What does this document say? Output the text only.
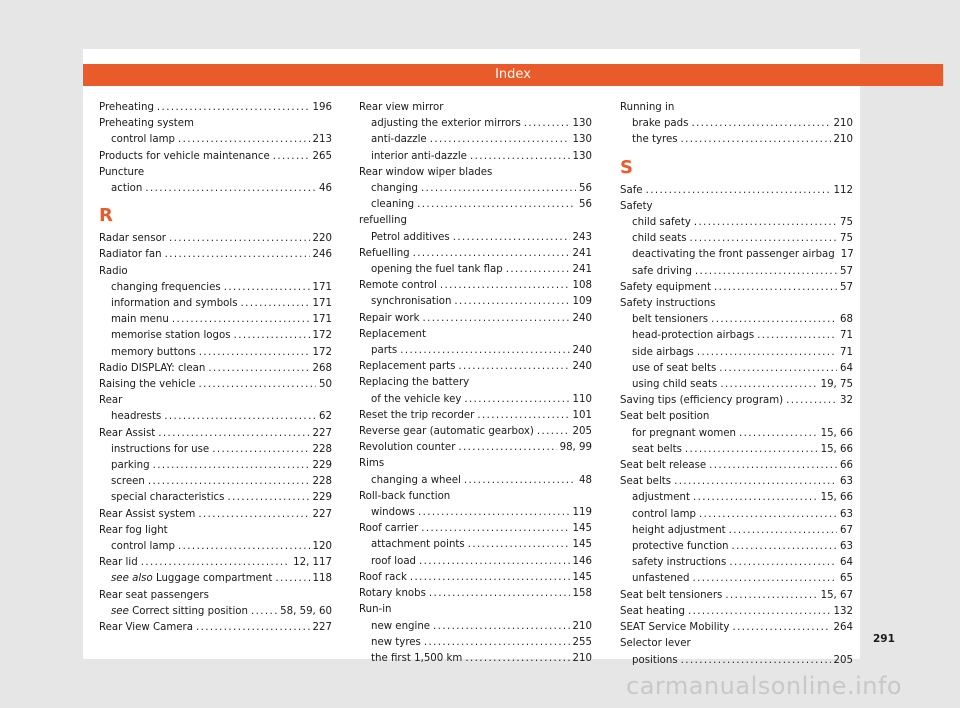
Index
Preheating .....	196
Preheating system
control lamp .....	213
Products for vehicle maintenance .....	265
Puncture
action .....	46
R
Radar sensor .....	220
Radiator fan .....	246
Radio
changing frequencies .....	171
information and symbols .....	171
main menu .....	171
memorise station logos .....	172
memory buttons .....	172
Radio DISPLAY: clean .....	268
Raising the vehicle .....	50
Rear
headrests .....	62
Rear Assist .....	227
instructions for use .....	228
parking .....	229
screen .....	228
special characteristics .....	229
Rear Assist system .....	227
Rear fog light
control lamp .....	120
Rear lid .....	12, 117
see also Luggage compartment .....	118
Rear seat passengers
see Correct sitting position .....	58, 59, 60
Rear View Camera .....	227
Rear view mirror
adjusting the exterior mirrors .....	130
anti-dazzle .....	130
interior anti-dazzle .....	130
Rear window wiper blades
changing .....	56
cleaning .....	56
refuelling
Petrol additives .....	243
Refuelling .....	241
opening the fuel tank flap .....	241
Remote control .....	108
synchronisation .....	109
Repair work .....	240
Replacement
parts .....	240
Replacement parts .....	240
Replacing the battery
of the vehicle key .....	110
Reset the trip recorder .....	101
Reverse gear (automatic gearbox) .....	205
Revolution counter .....	98, 99
Rims
changing a wheel .....	48
Roll-back function
windows .....	119
Roof carrier .....	145
attachment points .....	145
roof load .....	146
Roof rack .....	145
Rotary knobs .....	158
Run-in
new engine .....	210
new tyres .....	255
the first 1,500 km .....	210
Running in
brake pads .....	210
the tyres .....	210
S
Safe .....	112
Safety
child safety .....	75
child seats .....	75
deactivating the front passenger airbag 17
safe driving .....	57
Safety equipment .....	57
Safety instructions
belt tensioners .....	68
head-protection airbags .....	71
side airbags .....	71
use of seat belts .....	64
using child seats .....	19, 75
Saving tips (efficiency program) .....	32
Seat belt position
for pregnant women .....	15, 66
seat belts .....	15, 66
Seat belt release .....	66
Seat belts .....	63
adjustment .....	15, 66
control lamp .....	63
height adjustment .....	67
protective function .....	63
safety instructions .....	64
unfastened .....	65
Seat belt tensioners .....	15, 67
Seat heating .....	132
SEAT Service Mobility .....	264
Selector lever
positions .....	205
291
carmanualsonline.info
